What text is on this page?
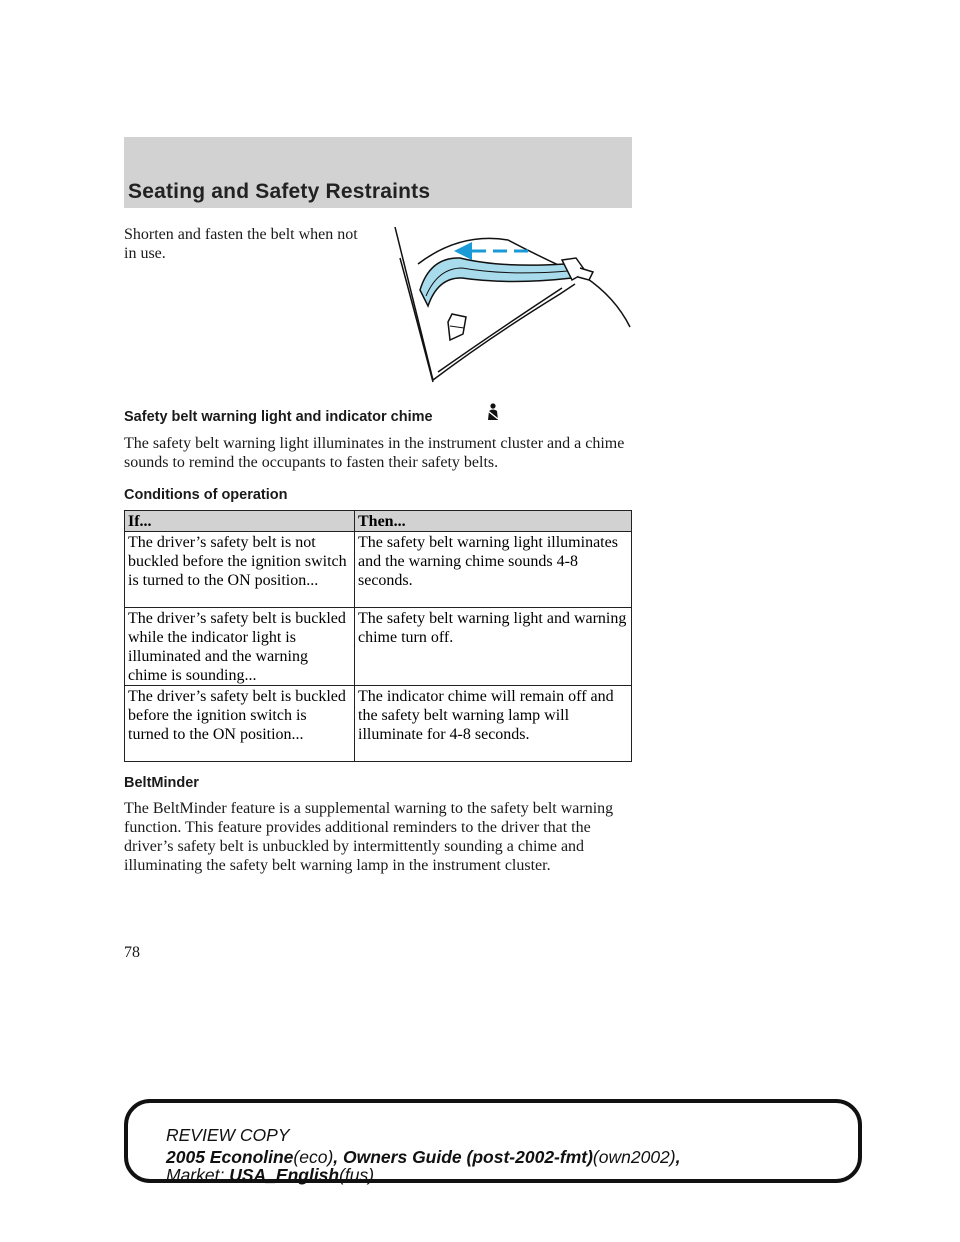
Seating and Safety Restraints
Shorten and fasten the belt when not in use.
Safety belt warning light and indicator chime
The safety belt warning light illuminates in the instrument cluster and a chime sounds to remind the occupants to fasten their safety belts.
Conditions of operation
If...	Then...
The driver’s safety belt is not buckled before the ignition switch is turned to the ON position...	The safety belt warning light illuminates and the warning chime sounds 4-8 seconds.
The driver’s safety belt is buckled while the indicator light is illuminated and the warning chime is sounding...	The safety belt warning light and warning chime turn off.
The driver’s safety belt is buckled before the ignition switch is turned to the ON position...	The indicator chime will remain off and the safety belt warning lamp will illuminate for 4-8 seconds.
BeltMinder
The BeltMinder feature is a supplemental warning to the safety belt warning function. This feature provides additional reminders to the driver that the driver’s safety belt is unbuckled by intermittently sounding a chime and illuminating the safety belt warning lamp in the instrument cluster.
78
REVIEW COPY
2005 Econoline(eco), Owners Guide (post-2002-fmt)(own2002),
Market: USA_English(fus)
